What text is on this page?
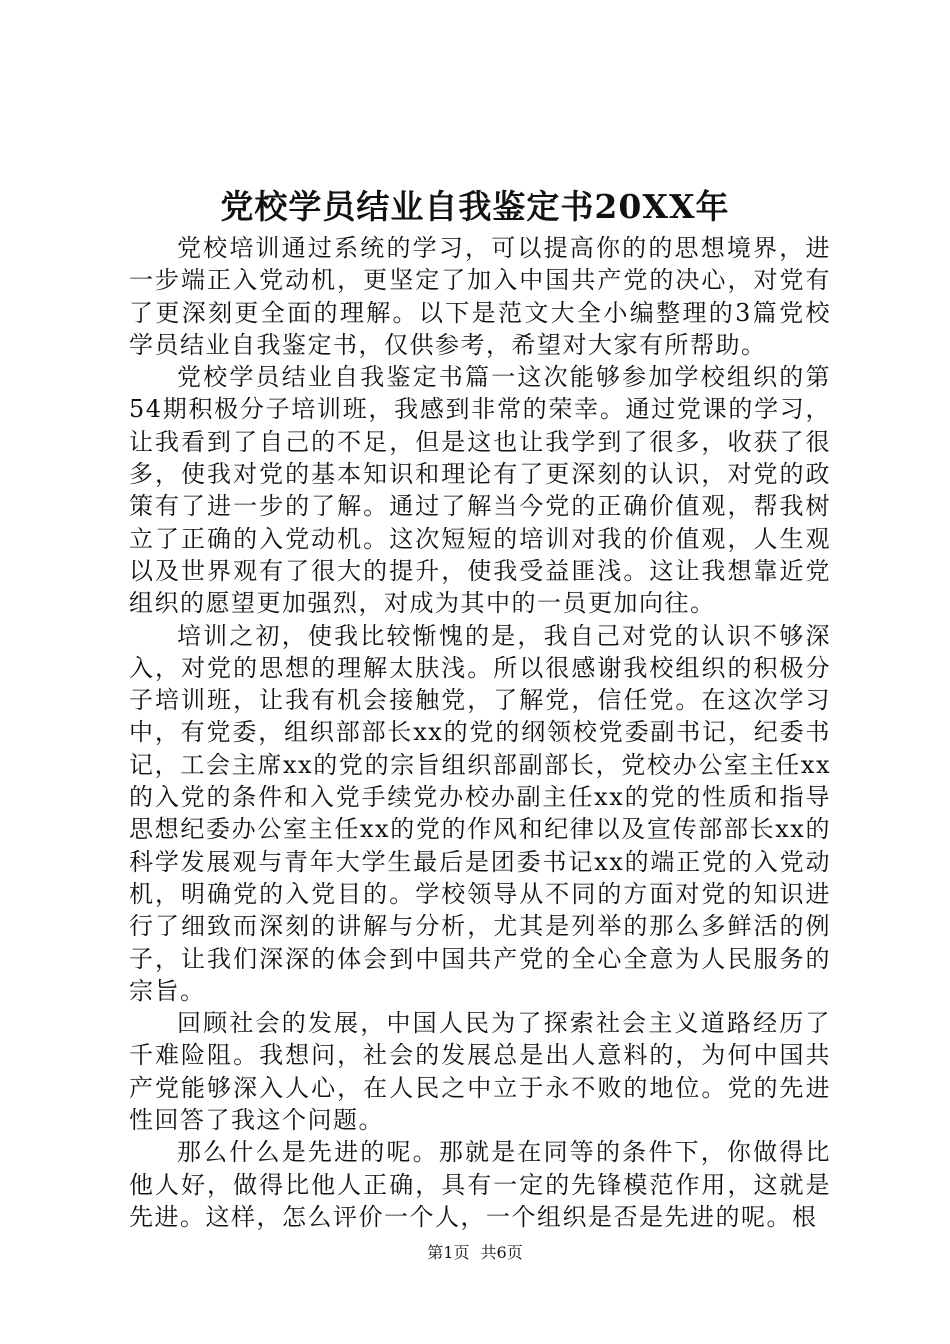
党校学员结业自我鉴定书20XX年

党校培训通过系统的学习，可以提高你的的思想境界，进一步端正入党动机，更坚定了加入中国共产党的决心，对党有了更深刻更全面的理解。以下是范文大全小编整理的3篇党校学员结业自我鉴定书，仅供参考，希望对大家有所帮助。

党校学员结业自我鉴定书篇一这次能够参加学校组织的第54期积极分子培训班，我感到非常的荣幸。通过党课的学习，让我看到了自己的不足，但是这也让我学到了很多，收获了很多，使我对党的基本知识和理论有了更深刻的认识，对党的政策有了进一步的了解。通过了解当今党的正确价值观，帮我树立了正确的入党动机。这次短短的培训对我的价值观，人生观以及世界观有了很大的提升，使我受益匪浅。这让我想靠近党组织的愿望更加强烈，对成为其中的一员更加向往。

培训之初，使我比较惭愧的是，我自己对党的认识不够深入，对党的思想的理解太肤浅。所以很感谢我校组织的积极分子培训班，让我有机会接触党，了解党，信任党。在这次学习中，有党委，组织部部长xx的党的纲领校党委副书记，纪委书记，工会主席xx的党的宗旨组织部副部长，党校办公室主任xx的入党的条件和入党手续党办校办副主任xx的党的性质和指导思想纪委办公室主任xx的党的作风和纪律以及宣传部部长xx的科学发展观与青年大学生最后是团委书记xx的端正党的入党动机，明确党的入党目的。学校领导从不同的方面对党的知识进行了细致而深刻的讲解与分析，尤其是列举的那么多鲜活的例子，让我们深深的体会到中国共产党的全心全意为人民服务的宗旨。

回顾社会的发展，中国人民为了探索社会主义道路经历了千难险阻。我想问，社会的发展总是出人意料的，为何中国共产党能够深入人心，在人民之中立于永不败的地位。党的先进性回答了我这个问题。

那么什么是先进的呢。那就是在同等的条件下，你做得比他人好，做得比他人正确，具有一定的先锋模范作用，这就是先进。这样，怎么评价一个人，一个组织是否是先进的呢。根

第1页 共6页
